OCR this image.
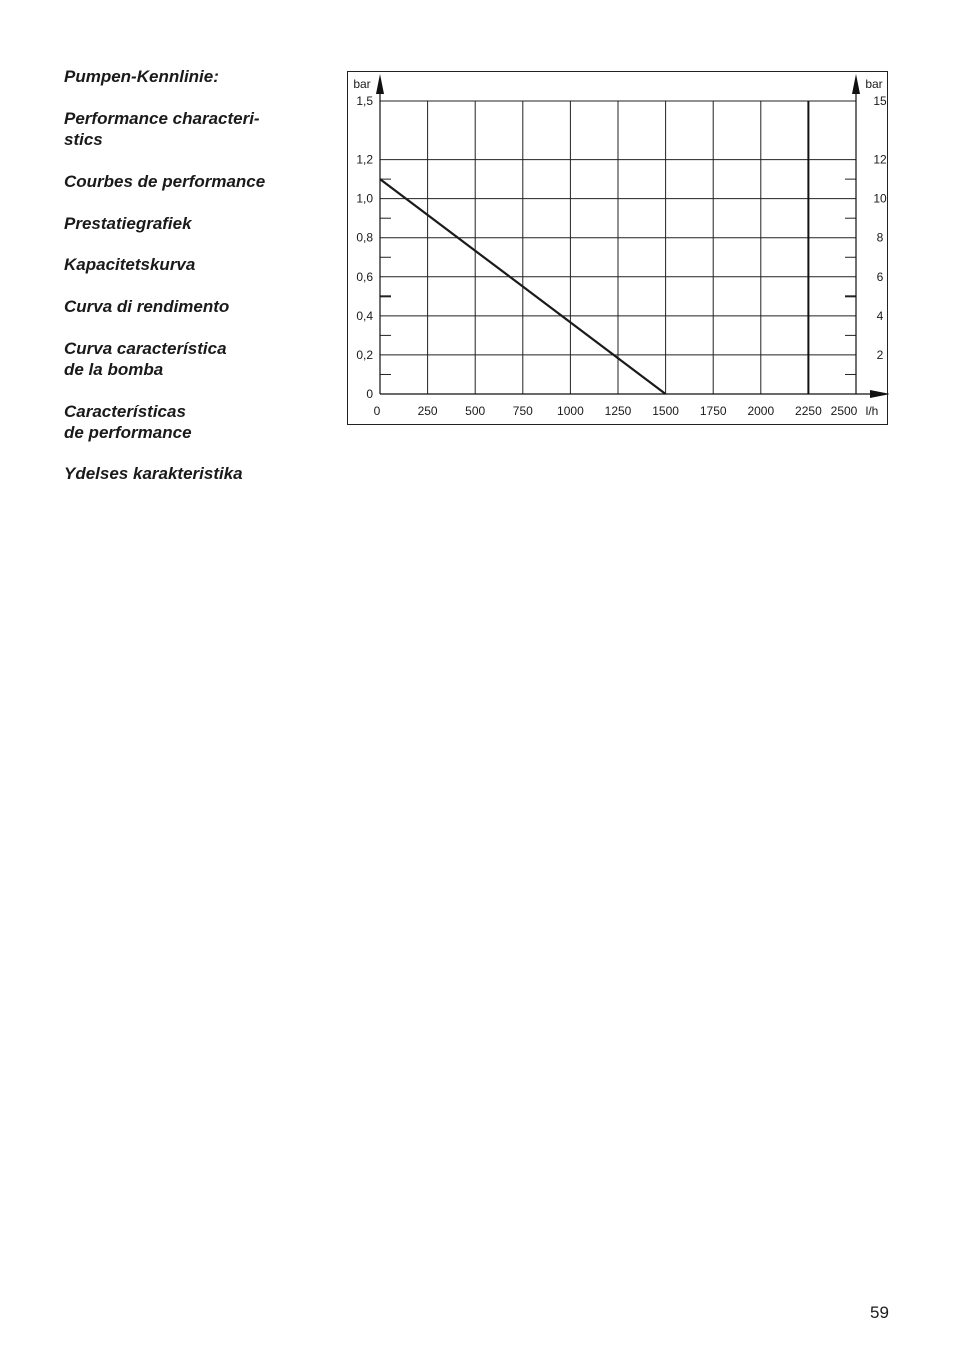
Pumpen-Kennlinie:
Performance characteri-
stics
Courbes de performance
Prestatiegrafiek
Kapacitetskurva
Curva di rendimento
Curva característica
de la bomba
Características
de performance
Ydelses karakteristika
0
0,2
0,4
0,6
0,8
1,0
1,2
1,5
2
4
6
8
10
12
15
bar	bar
0	250 500 750 1000 1250 1500 1750 2000 2250 2500 l/h
59
